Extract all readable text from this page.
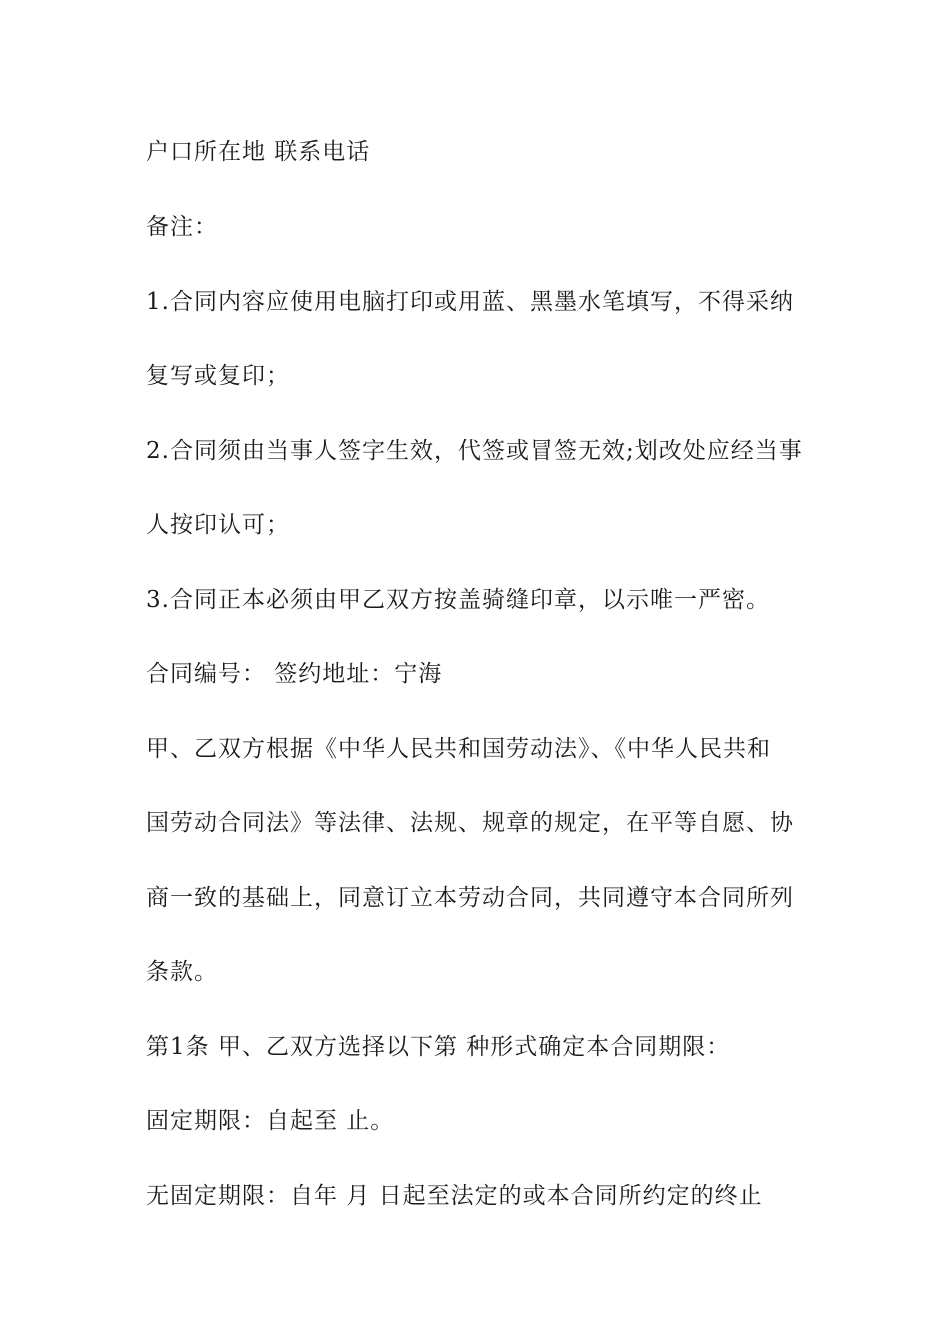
户口所在地 联系电话
备注：
1.合同内容应使用电脑打印或用蓝、黑墨水笔填写，不得采纳
复写或复印；
2.合同须由当事人签字生效，代签或冒签无效;划改处应经当事
人按印认可；
3.合同正本必须由甲乙双方按盖骑缝印章，以示唯一严密。
合同编号： 签约地址：宁海
甲、乙双方根据《中华人民共和国劳动法》、《中华人民共和
国劳动合同法》等法律、法规、规章的规定，在平等自愿、协
商一致的基础上，同意订立本劳动合同，共同遵守本合同所列
条款。
第1条 甲、乙双方选择以下第 种形式确定本合同期限：
固定期限：自起至 止。
无固定期限：自年 月 日起至法定的或本合同所约定的终止
